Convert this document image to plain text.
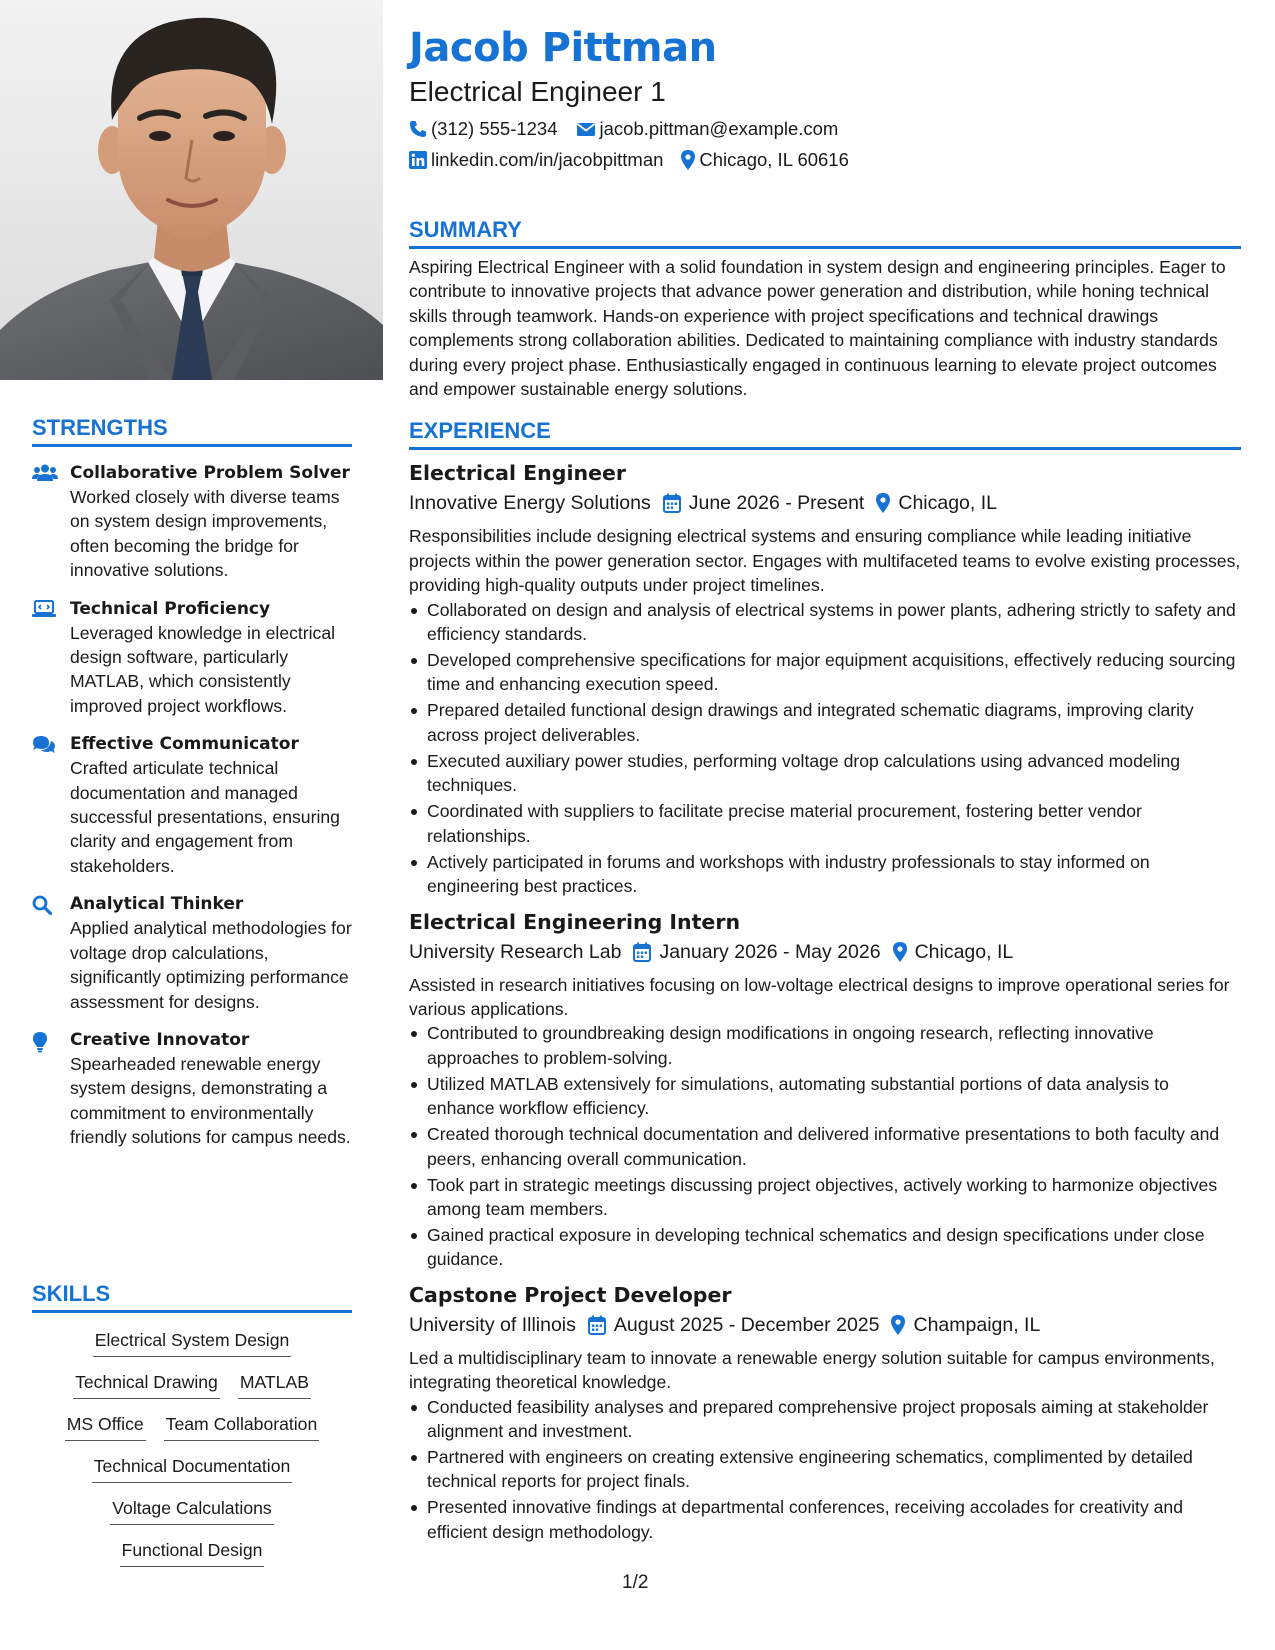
STRENGTHS
Collaborative Problem Solver
Worked closely with diverse teams on system design improvements, often becoming the bridge for innovative solutions.
Technical Proficiency
Leveraged knowledge in electrical design software, particularly MATLAB, which consistently improved project workflows.
Effective Communicator
Crafted articulate technical documentation and managed successful presentations, ensuring clarity and engagement from stakeholders.
Analytical Thinker
Applied analytical methodologies for voltage drop calculations, significantly optimizing performance assessment for designs.
Creative Innovator
Spearheaded renewable energy system designs, demonstrating a commitment to environmentally friendly solutions for campus needs.
SKILLS
Electrical System Design
Technical Drawing MATLAB
MS Office Team Collaboration
Technical Documentation
Voltage Calculations
Functional Design
Jacob Pittman
Electrical Engineer 1
(312) 555-1234 jacob.pittman@example.com
linkedin.com/in/jacobpittman Chicago, IL 60616
SUMMARY
Aspiring Electrical Engineer with a solid foundation in system design and engineering principles. Eager to contribute to innovative projects that advance power generation and distribution, while honing technical skills through teamwork. Hands-on experience with project specifications and technical drawings complements strong collaboration abilities. Dedicated to maintaining compliance with industry standards during every project phase. Enthusiastically engaged in continuous learning to elevate project outcomes and empower sustainable energy solutions.
EXPERIENCE
Electrical Engineer
Innovative Energy Solutions June 2026 - Present Chicago, IL
Responsibilities include designing electrical systems and ensuring compliance while leading initiative projects within the power generation sector. Engages with multifaceted teams to evolve existing processes, providing high-quality outputs under project timelines.
Collaborated on design and analysis of electrical systems in power plants, adhering strictly to safety and efficiency standards.
Developed comprehensive specifications for major equipment acquisitions, effectively reducing sourcing time and enhancing execution speed.
Prepared detailed functional design drawings and integrated schematic diagrams, improving clarity across project deliverables.
Executed auxiliary power studies, performing voltage drop calculations using advanced modeling techniques.
Coordinated with suppliers to facilitate precise material procurement, fostering better vendor relationships.
Actively participated in forums and workshops with industry professionals to stay informed on engineering best practices.
Electrical Engineering Intern
University Research Lab January 2026 - May 2026 Chicago, IL
Assisted in research initiatives focusing on low-voltage electrical designs to improve operational series for various applications.
Contributed to groundbreaking design modifications in ongoing research, reflecting innovative approaches to problem-solving.
Utilized MATLAB extensively for simulations, automating substantial portions of data analysis to enhance workflow efficiency.
Created thorough technical documentation and delivered informative presentations to both faculty and peers, enhancing overall communication.
Took part in strategic meetings discussing project objectives, actively working to harmonize objectives among team members.
Gained practical exposure in developing technical schematics and design specifications under close guidance.
Capstone Project Developer
University of Illinois August 2025 - December 2025 Champaign, IL
Led a multidisciplinary team to innovate a renewable energy solution suitable for campus environments, integrating theoretical knowledge.
Conducted feasibility analyses and prepared comprehensive project proposals aiming at stakeholder alignment and investment.
Partnered with engineers on creating extensive engineering schematics, complimented by detailed technical reports for project finals.
Presented innovative findings at departmental conferences, receiving accolades for creativity and efficient design methodology.
1/2
